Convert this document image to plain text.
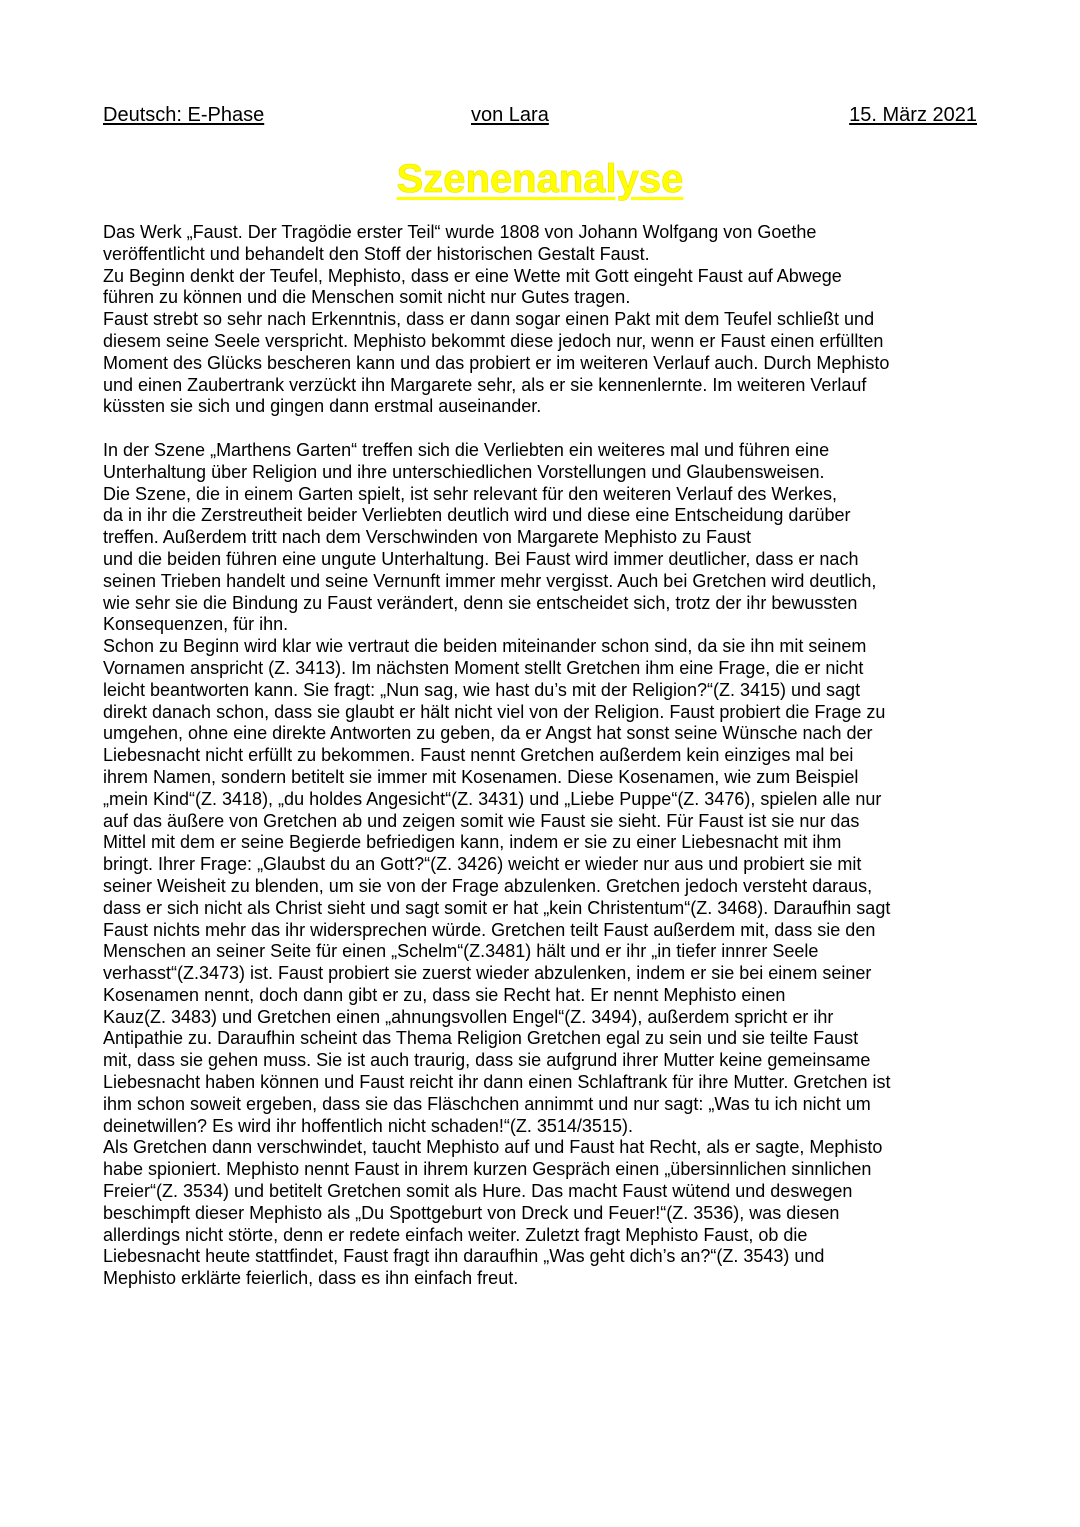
Deutsch: E-Phase	von Lara	15. März 2021
Szenenanalyse
Das Werk „Faust. Der Tragödie erster Teil“ wurde 1808 von Johann Wolfgang von Goethe
veröffentlicht und behandelt den Stoff der historischen Gestalt Faust.
Zu Beginn denkt der Teufel, Mephisto, dass er eine Wette mit Gott eingeht Faust auf Abwege
führen zu können und die Menschen somit nicht nur Gutes tragen.
Faust strebt so sehr nach Erkenntnis, dass er dann sogar einen Pakt mit dem Teufel schließt und
diesem seine Seele verspricht. Mephisto bekommt diese jedoch nur, wenn er Faust einen erfüllten
Moment des Glücks bescheren kann und das probiert er im weiteren Verlauf auch. Durch Mephisto
und einen Zaubertrank verzückt ihn Margarete sehr, als er sie kennenlernte. Im weiteren Verlauf
küssten sie sich und gingen dann erstmal auseinander.
In der Szene „Marthens Garten“ treffen sich die Verliebten ein weiteres mal und führen eine
Unterhaltung über Religion und ihre unterschiedlichen Vorstellungen und Glaubensweisen.
Die Szene, die in einem Garten spielt, ist sehr relevant für den weiteren Verlauf des Werkes,
da in ihr die Zerstreutheit beider Verliebten deutlich wird und diese eine Entscheidung darüber
treffen. Außerdem tritt nach dem Verschwinden von Margarete Mephisto zu Faust
und die beiden führen eine ungute Unterhaltung. Bei Faust wird immer deutlicher, dass er nach
seinen Trieben handelt und seine Vernunft immer mehr vergisst. Auch bei Gretchen wird deutlich,
wie sehr sie die Bindung zu Faust verändert, denn sie entscheidet sich, trotz der ihr bewussten
Konsequenzen, für ihn.
Schon zu Beginn wird klar wie vertraut die beiden miteinander schon sind, da sie ihn mit seinem
Vornamen anspricht (Z. 3413). Im nächsten Moment stellt Gretchen ihm eine Frage, die er nicht
leicht beantworten kann. Sie fragt: „Nun sag, wie hast du’s mit der Religion?“(Z. 3415) und sagt
direkt danach schon, dass sie glaubt er hält nicht viel von der Religion. Faust probiert die Frage zu
umgehen, ohne eine direkte Antworten zu geben, da er Angst hat sonst seine Wünsche nach der
Liebesnacht nicht erfüllt zu bekommen. Faust nennt Gretchen außerdem kein einziges mal bei
ihrem Namen, sondern betitelt sie immer mit Kosenamen. Diese Kosenamen, wie zum Beispiel
„mein Kind“(Z. 3418), „du holdes Angesicht“(Z. 3431) und „Liebe Puppe“(Z. 3476), spielen alle nur
auf das äußere von Gretchen ab und zeigen somit wie Faust sie sieht. Für Faust ist sie nur das
Mittel mit dem er seine Begierde befriedigen kann, indem er sie zu einer Liebesnacht mit ihm
bringt. Ihrer Frage: „Glaubst du an Gott?“(Z. 3426) weicht er wieder nur aus und probiert sie mit
seiner Weisheit zu blenden, um sie von der Frage abzulenken. Gretchen jedoch versteht daraus,
dass er sich nicht als Christ sieht und sagt somit er hat „kein Christentum“(Z. 3468). Daraufhin sagt
Faust nichts mehr das ihr widersprechen würde. Gretchen teilt Faust außerdem mit, dass sie den
Menschen an seiner Seite für einen „Schelm“(Z.3481) hält und er ihr „in tiefer innrer Seele
verhasst“(Z.3473) ist. Faust probiert sie zuerst wieder abzulenken, indem er sie bei einem seiner
Kosenamen nennt, doch dann gibt er zu, dass sie Recht hat. Er nennt Mephisto einen
Kauz(Z. 3483) und Gretchen einen „ahnungsvollen Engel“(Z. 3494), außerdem spricht er ihr
Antipathie zu. Daraufhin scheint das Thema Religion Gretchen egal zu sein und sie teilte Faust
mit, dass sie gehen muss. Sie ist auch traurig, dass sie aufgrund ihrer Mutter keine gemeinsame
Liebesnacht haben können und Faust reicht ihr dann einen Schlaftrank für ihre Mutter. Gretchen ist
ihm schon soweit ergeben, dass sie das Fläschchen annimmt und nur sagt: „Was tu ich nicht um
deinetwillen? Es wird ihr hoffentlich nicht schaden!“(Z. 3514/3515).
Als Gretchen dann verschwindet, taucht Mephisto auf und Faust hat Recht, als er sagte, Mephisto
habe spioniert. Mephisto nennt Faust in ihrem kurzen Gespräch einen „übersinnlichen sinnlichen
Freier“(Z. 3534) und betitelt Gretchen somit als Hure. Das macht Faust wütend und deswegen
beschimpft dieser Mephisto als „Du Spottgeburt von Dreck und Feuer!“(Z. 3536), was diesen
allerdings nicht störte, denn er redete einfach weiter. Zuletzt fragt Mephisto Faust, ob die
Liebesnacht heute stattfindet, Faust fragt ihn daraufhin „Was geht dich’s an?“(Z. 3543) und
Mephisto erklärte feierlich, dass es ihn einfach freut.
